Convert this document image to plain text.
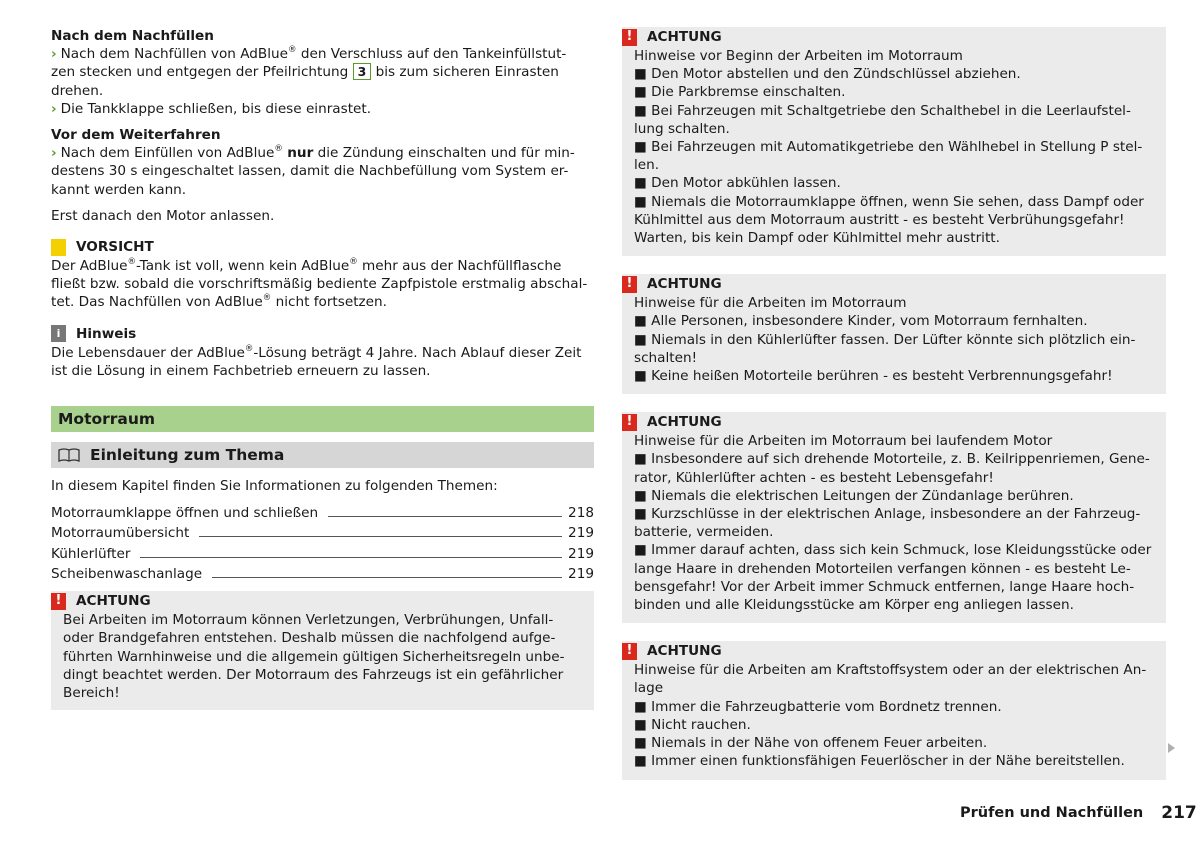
Nach dem Nachfüllen

› Nach dem Nachfüllen von AdBlue® den Verschluss auf den Tankeinfüllstut-
zen stecken und entgegen der Pfeilrichtung 3 bis zum sicheren Einrasten
drehen.

› Die Tankklappe schließen, bis diese einrastet.

Vor dem Weiterfahren

› Nach dem Einfüllen von AdBlue® nur die Zündung einschalten und für min-
destens 30 s eingeschaltet lassen, damit die Nachbefüllung vom System er-
kannt werden kann.

Erst danach den Motor anlassen.

VORSICHT

Der AdBlue®-Tank ist voll, wenn kein AdBlue® mehr aus der Nachfüllflasche
fließt bzw. sobald die vorschriftsmäßig bediente Zapfpistole erstmalig abschal-
tet. Das Nachfüllen von AdBlue® nicht fortsetzen.

i	Hinweis

Die Lebensdauer der AdBlue®-Lösung beträgt 4 Jahre. Nach Ablauf dieser Zeit
ist die Lösung in einem Fachbetrieb erneuern zu lassen.

Motorraum
Einleitung zum Thema

In diesem Kapitel finden Sie Informationen zu folgenden Themen:

Motorraumklappe öffnen und schließen	218
Motorraumübersicht	219
Kühlerlüfter	219
Scheibenwaschanlage	219
!	ACHTUNG
Bei Arbeiten im Motorraum können Verletzungen, Verbrühungen, Unfall-
oder Brandgefahren entstehen. Deshalb müssen die nachfolgend aufge-
führten Warnhinweise und die allgemein gültigen Sicherheitsregeln unbe-
dingt beachtet werden. Der Motorraum des Fahrzeugs ist ein gefährlicher
Bereich!
!	ACHTUNG
Hinweise vor Beginn der Arbeiten im Motorraum
■ Den Motor abstellen und den Zündschlüssel abziehen.
■ Die Parkbremse einschalten.
■ Bei Fahrzeugen mit Schaltgetriebe den Schalthebel in die Leerlaufstel-
lung schalten.
■ Bei Fahrzeugen mit Automatikgetriebe den Wählhebel in Stellung P stel-
len.
■ Den Motor abkühlen lassen.
■ Niemals die Motorraumklappe öffnen, wenn Sie sehen, dass Dampf oder
Kühlmittel aus dem Motorraum austritt - es besteht Verbrühungsgefahr!
Warten, bis kein Dampf oder Kühlmittel mehr austritt.
!	ACHTUNG
Hinweise für die Arbeiten im Motorraum
■ Alle Personen, insbesondere Kinder, vom Motorraum fernhalten.
■ Niemals in den Kühlerlüfter fassen. Der Lüfter könnte sich plötzlich ein-
schalten!
■ Keine heißen Motorteile berühren - es besteht Verbrennungsgefahr!
!	ACHTUNG
Hinweise für die Arbeiten im Motorraum bei laufendem Motor
■ Insbesondere auf sich drehende Motorteile, z. B. Keilrippenriemen, Gene-
rator, Kühlerlüfter achten - es besteht Lebensgefahr!
■ Niemals die elektrischen Leitungen der Zündanlage berühren.
■ Kurzschlüsse in der elektrischen Anlage, insbesondere an der Fahrzeug-
batterie, vermeiden.
■ Immer darauf achten, dass sich kein Schmuck, lose Kleidungsstücke oder
lange Haare in drehenden Motorteilen verfangen können - es besteht Le-
bensgefahr! Vor der Arbeit immer Schmuck entfernen, lange Haare hoch-
binden und alle Kleidungsstücke am Körper eng anliegen lassen.
!	ACHTUNG
Hinweise für die Arbeiten am Kraftstoffsystem oder an der elektrischen An-
lage
■ Immer die Fahrzeugbatterie vom Bordnetz trennen.
■ Nicht rauchen.
■ Niemals in der Nähe von offenem Feuer arbeiten.
■ Immer einen funktionsfähigen Feuerlöscher in der Nähe bereitstellen.
Prüfen und Nachfüllen 217
